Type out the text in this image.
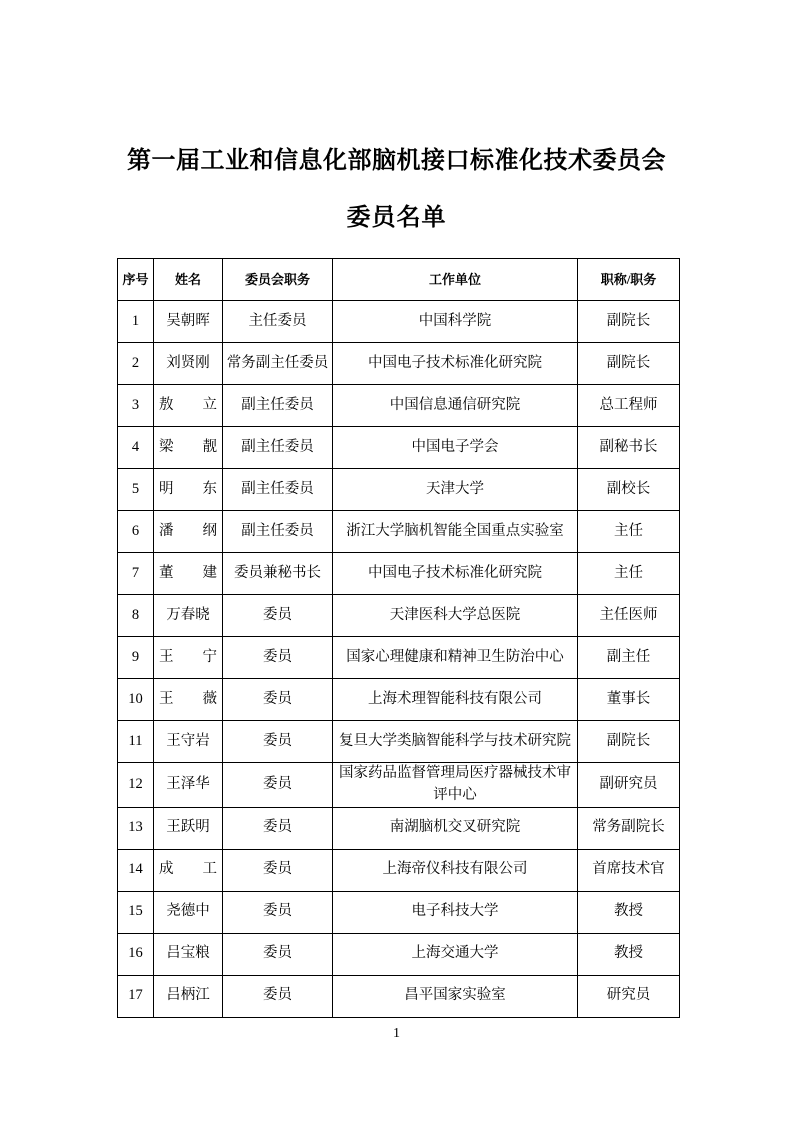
第一届工业和信息化部脑机接口标准化技术委员会
委员名单
序号	姓名	委员会职务	工作单位	职称/职务
1	吴朝晖	主任委员	中国科学院	副院长
2	刘贤刚	常务副主任委员	中国电子技术标准化研究院	副院长
3	敖　　立	副主任委员	中国信息通信研究院	总工程师
4	梁　　靓	副主任委员	中国电子学会	副秘书长
5	明　　东	副主任委员	天津大学	副校长
6	潘　　纲	副主任委员	浙江大学脑机智能全国重点实验室	主任
7	董　　建	委员兼秘书长	中国电子技术标准化研究院	主任
8	万春晓	委员	天津医科大学总医院	主任医师
9	王　　宁	委员	国家心理健康和精神卫生防治中心	副主任
10	王　　薇	委员	上海术理智能科技有限公司	董事长
11	王守岩	委员	复旦大学类脑智能科学与技术研究院	副院长
12	王泽华	委员	国家药品监督管理局医疗器械技术审评中心	副研究员
13	王跃明	委员	南湖脑机交叉研究院	常务副院长
14	成　　工	委员	上海帝仪科技有限公司	首席技术官
15	尧德中	委员	电子科技大学	教授
16	吕宝粮	委员	上海交通大学	教授
17	吕柄江	委员	昌平国家实验室	研究员
1
